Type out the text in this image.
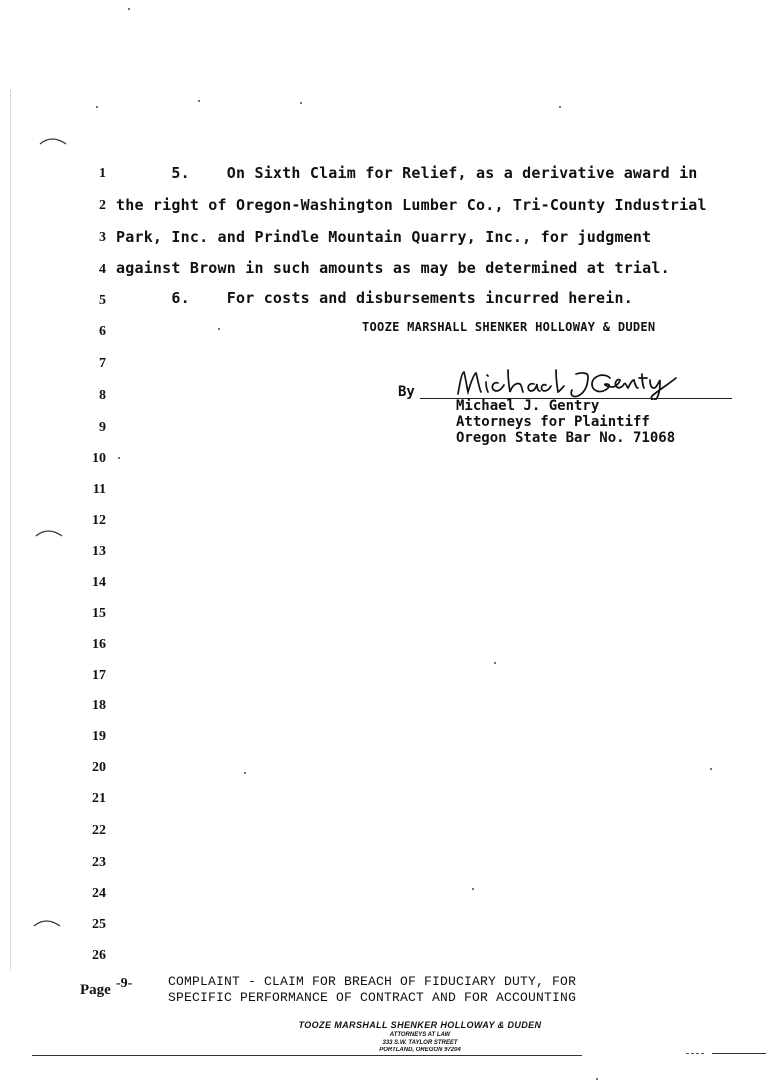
1
2
3
4
5
6
7
8
9
10
11
12
13
14
15
16
17
18
19
20
21
22
23
24
25
26
5.    On Sixth Claim for Relief, as a derivative award in
the right of Oregon-Washington Lumber Co., Tri-County Industrial
Park, Inc. and Prindle Mountain Quarry, Inc., for judgment
against Brown in such amounts as may be determined at trial.
6.    For costs and disbursements incurred herein.
TOOZE MARSHALL SHENKER HOLLOWAY & DUDEN
By
Michael J. Gentry
Attorneys for Plaintiff
Oregon State Bar No. 71068
Page -9-	COMPLAINT - CLAIM FOR BREACH OF FIDUCIARY DUTY, FOR
SPECIFIC PERFORMANCE OF CONTRACT AND FOR ACCOUNTING
TOOZE MARSHALL SHENKER HOLLOWAY & DUDEN
ATTORNEYS AT LAW
333 S.W. TAYLOR STREET
PORTLAND, OREGON 97204
